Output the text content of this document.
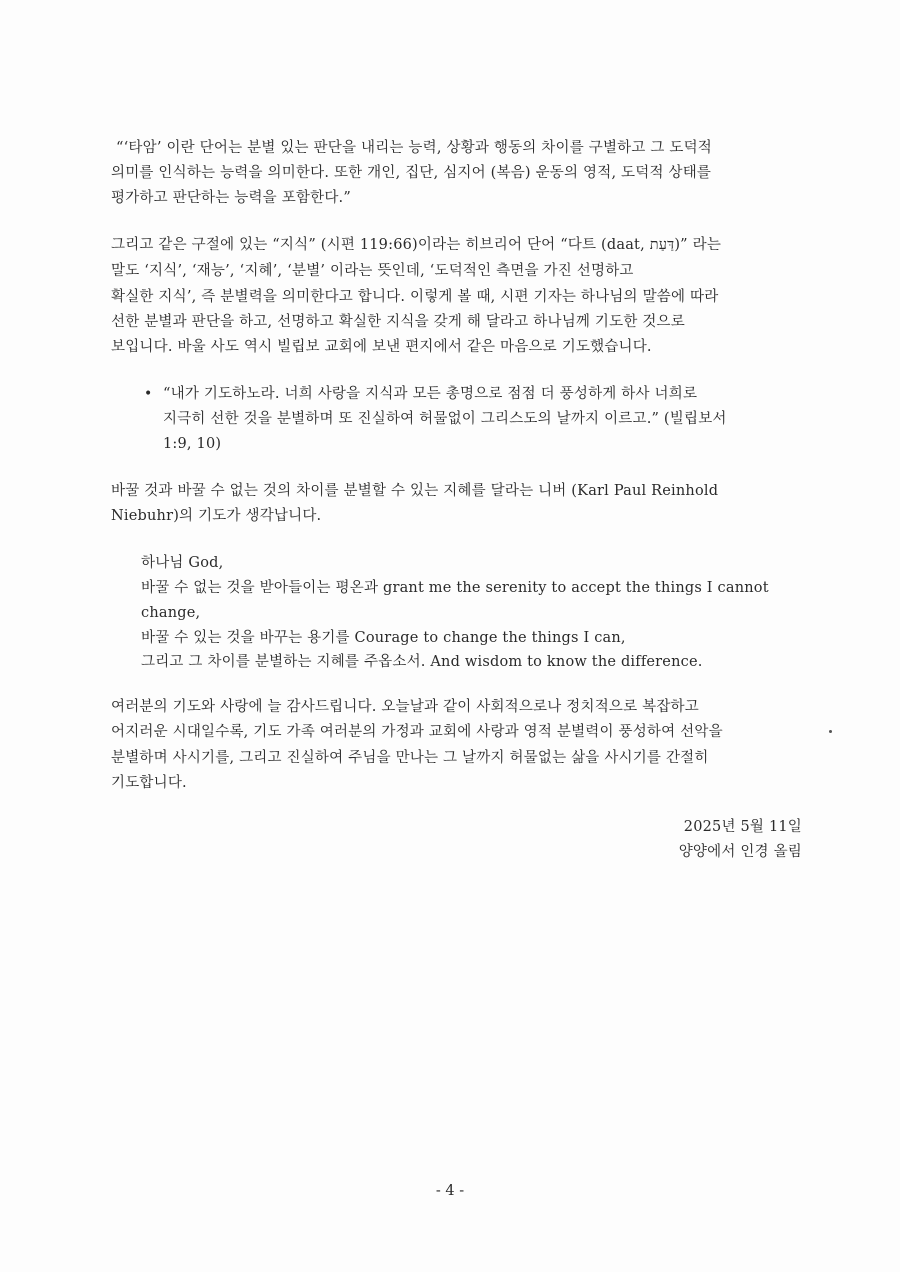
“‘타암’ 이란 단어는 분별 있는 판단을 내리는 능력, 상황과 행동의 차이를 구별하고 그 도덕적
의미를 인식하는 능력을 의미한다. 또한 개인, 집단, 심지어 (복음) 운동의 영적, 도덕적 상태를
평가하고 판단하는 능력을 포함한다.”
그리고 같은 구절에 있는 “지식” (시편 119:66)이라는 히브리어 단어 “다트 (daat, דַּעַת)” 라는
말도 ‘지식’, ‘재능’, ‘지혜’, ‘분별’ 이라는 뜻인데, ‘도덕적인 측면을 가진 선명하고
확실한 지식’, 즉 분별력을 의미한다고 합니다. 이렇게 볼 때, 시편 기자는 하나님의 말씀에 따라
선한 분별과 판단을 하고, 선명하고 확실한 지식을 갖게 해 달라고 하나님께 기도한 것으로
보입니다. 바울 사도 역시 빌립보 교회에 보낸 편지에서 같은 마음으로 기도했습니다.
• “내가 기도하노라. 너희 사랑을 지식과 모든 총명으로 점점 더 풍성하게 하사 너희로
지극히 선한 것을 분별하며 또 진실하여 허물없이 그리스도의 날까지 이르고.” (빌립보서
1:9, 10)
바꿀 것과 바꿀 수 없는 것의 차이를 분별할 수 있는 지혜를 달라는 니버 (Karl Paul Reinhold
Niebuhr)의 기도가 생각납니다.
하나님 God,
바꿀 수 없는 것을 받아들이는 평온과 grant me the serenity to accept the things I cannot
change,
바꿀 수 있는 것을 바꾸는 용기를 Courage to change the things I can,
그리고 그 차이를 분별하는 지혜를 주옵소서. And wisdom to know the difference.
여러분의 기도와 사랑에 늘 감사드립니다. 오늘날과 같이 사회적으로나 정치적으로 복잡하고
어지러운 시대일수록, 기도 가족 여러분의 가정과 교회에 사랑과 영적 분별력이 풍성하여 선악을
분별하며 사시기를, 그리고 진실하여 주님을 만나는 그 날까지 허물없는 삶을 사시기를 간절히
기도합니다.
2025년 5월 11일
양양에서 인경 올림
- 4 -
